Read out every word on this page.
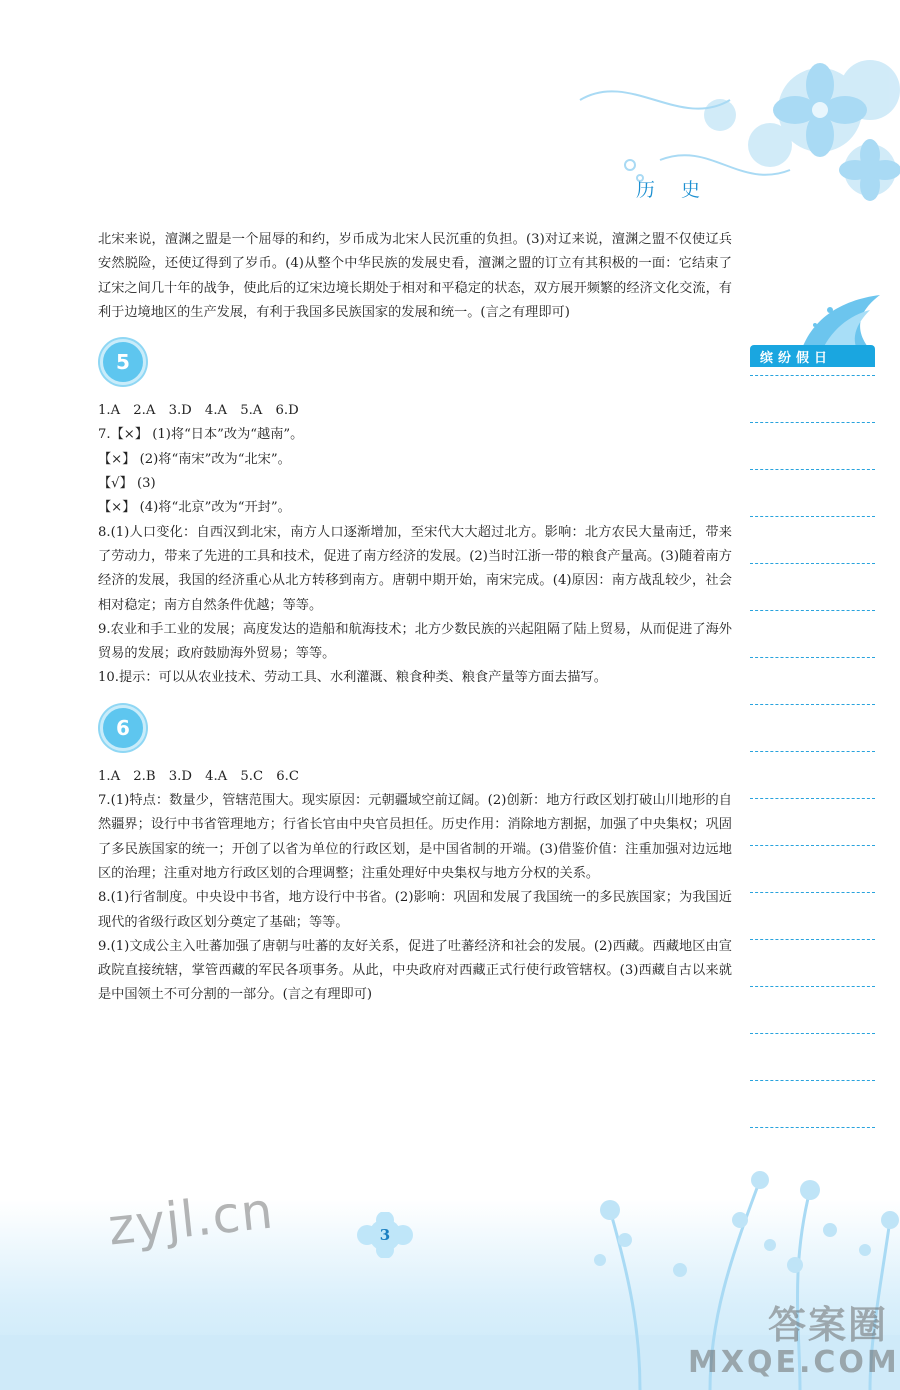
历 史

北宋来说，澶渊之盟是一个屈辱的和约，岁币成为北宋人民沉重的负担。(3)对辽来说，澶渊之盟不仅使辽兵安然脱险，还使辽得到了岁币。(4)从整个中华民族的发展史看，澶渊之盟的订立有其积极的一面：它结束了辽宋之间几十年的战争，使此后的辽宋边境长期处于相对和平稳定的状态，双方展开频繁的经济文化交流，有利于边境地区的生产发展，有利于我国多民族国家的发展和统一。(言之有理即可)

5
1.A　2.A　3.D　4.A　5.A　6.D
7.【×】 (1)将“日本”改为“越南”。
【×】 (2)将“南宋”改为“北宋”。
【√】 (3)
【×】 (4)将“北京”改为“开封”。

8.(1)人口变化：自西汉到北宋，南方人口逐渐增加，至宋代大大超过北方。影响：北方农民大量南迁，带来了劳动力，带来了先进的工具和技术，促进了南方经济的发展。(2)当时江浙一带的粮食产量高。(3)随着南方经济的发展，我国的经济重心从北方转移到南方。唐朝中期开始，南宋完成。(4)原因：南方战乱较少，社会相对稳定；南方自然条件优越；等等。

9.农业和手工业的发展；高度发达的造船和航海技术；北方少数民族的兴起阻隔了陆上贸易，从而促进了海外贸易的发展；政府鼓励海外贸易；等等。

10.提示：可以从农业技术、劳动工具、水利灌溉、粮食种类、粮食产量等方面去描写。

6
1.A　2.B　3.D　4.A　5.C　6.C

7.(1)特点：数量少，管辖范围大。现实原因：元朝疆域空前辽阔。(2)创新：地方行政区划打破山川地形的自然疆界；设行中书省管理地方；行省长官由中央官员担任。历史作用：消除地方割据，加强了中央集权；巩固了多民族国家的统一；开创了以省为单位的行政区划，是中国省制的开端。(3)借鉴价值：注重加强对边远地区的治理；注重对地方行政区划的合理调整；注重处理好中央集权与地方分权的关系。

8.(1)行省制度。中央设中书省，地方设行中书省。(2)影响：巩固和发展了我国统一的多民族国家；为我国近现代的省级行政区划分奠定了基础；等等。

9.(1)文成公主入吐蕃加强了唐朝与吐蕃的友好关系，促进了吐蕃经济和社会的发展。(2)西藏。西藏地区由宣政院直接统辖，掌管西藏的军民各项事务。从此，中央政府对西藏正式行使行政管辖权。(3)西藏自古以来就是中国领土不可分割的一部分。(言之有理即可)

缤纷假日
3
zyjl.cn
答案圈
MXQE.COM
